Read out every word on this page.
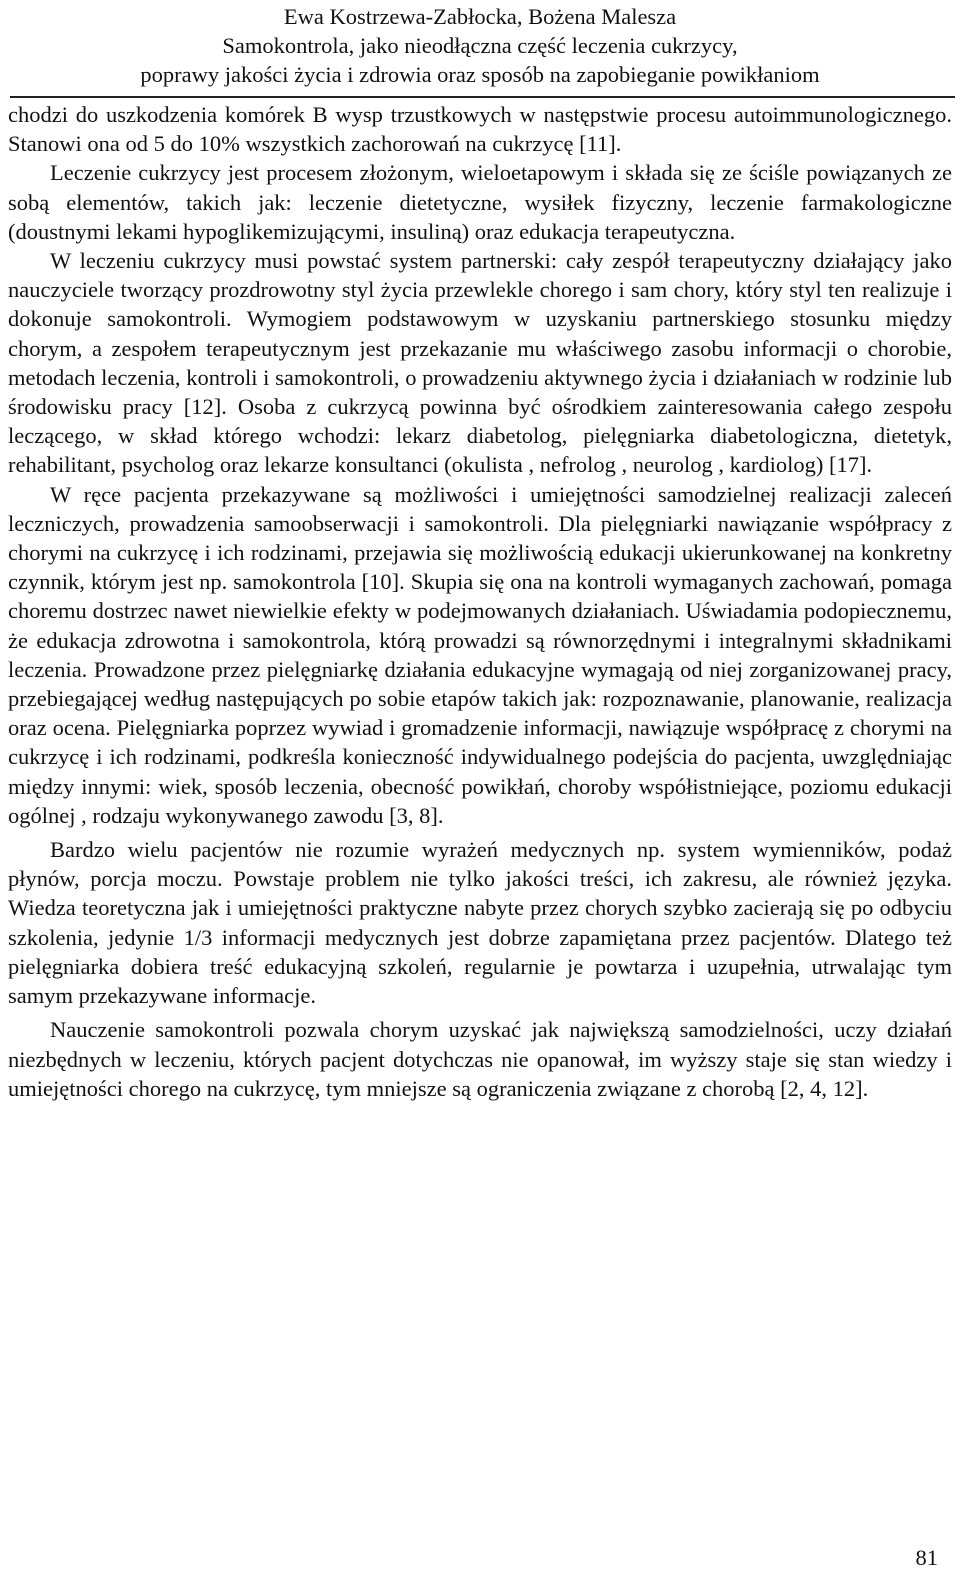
Ewa Kostrzewa-Zabłocka, Bożena Malesza
Samokontrola, jako nieodłączna część leczenia cukrzycy,
poprawy jakości życia i zdrowia oraz sposób na zapobieganie powikłaniom

chodzi do uszkodzenia komórek B wysp trzustkowych w następstwie procesu autoimmunologicznego. Stanowi ona od 5 do 10% wszystkich zachorowań na cukrzycę [11].

Leczenie cukrzycy jest procesem złożonym, wieloetapowym i składa się ze ściśle powiązanych ze sobą elementów, takich jak: leczenie dietetyczne, wysiłek fizyczny, leczenie farmakologiczne (doustnymi lekami hypoglikemizującymi, insuliną) oraz edukacja terapeutyczna.

W leczeniu cukrzycy musi powstać system partnerski: cały zespół terapeutyczny działający jako nauczyciele tworzący prozdrowotny styl życia przewlekle chorego i sam chory, który styl ten realizuje i dokonuje samokontroli. Wymogiem podstawowym w uzyskaniu partnerskiego stosunku między chorym, a zespołem terapeutycznym jest przekazanie mu właściwego zasobu informacji o chorobie, metodach leczenia, kontroli i samokontroli, o prowadzeniu aktywnego życia i działaniach w rodzinie lub środowisku pracy [12]. Osoba z cukrzycą powinna być ośrodkiem zainteresowania całego zespołu leczącego, w skład którego wchodzi: lekarz diabetolog, pielęgniarka diabetologiczna, dietetyk, rehabilitant, psycholog oraz lekarze konsultanci (okulista , nefrolog , neurolog , kardiolog) [17].

W ręce pacjenta przekazywane są możliwości i umiejętności samodzielnej realizacji zaleceń leczniczych, prowadzenia samoobserwacji i samokontroli. Dla pielęgniarki nawiązanie współpracy z chorymi na cukrzycę i ich rodzinami, przejawia się możliwością edukacji ukierunkowanej na konkretny czynnik, którym jest np. samokontrola [10]. Skupia się ona na kontroli wymaganych zachowań, pomaga choremu dostrzec nawet niewielkie efekty w podejmowanych działaniach. Uświadamia podopiecznemu, że edukacja zdrowotna i samokontrola, którą prowadzi są równorzędnymi i integralnymi składnikami leczenia. Prowadzone przez pielęgniarkę działania edukacyjne wymagają od niej zorganizowanej pracy, przebiegającej według następujących po sobie etapów takich jak: rozpoznawanie, planowanie, realizacja oraz ocena. Pielęgniarka poprzez wywiad i gromadzenie informacji, nawiązuje współpracę z chorymi na cukrzycę i ich rodzinami, podkreśla konieczność indywidualnego podejścia do pacjenta, uwzględniając między innymi: wiek, sposób leczenia, obecność powikłań, choroby współistniejące, poziomu edukacji ogólnej , rodzaju wykonywanego zawodu [3, 8].

Bardzo wielu pacjentów nie rozumie wyrażeń medycznych np. system wymienników, podaż płynów, porcja moczu. Powstaje problem nie tylko jakości treści, ich zakresu, ale również języka. Wiedza teoretyczna jak i umiejętności praktyczne nabyte przez chorych szybko zacierają się po odbyciu szkolenia, jedynie 1/3 informacji medycznych jest dobrze zapamiętana przez pacjentów. Dlatego też pielęgniarka dobiera treść edukacyjną szkoleń, regularnie je powtarza i uzupełnia, utrwalając tym samym przekazywane informacje.

Nauczenie samokontroli pozwala chorym uzyskać jak największą samodzielności, uczy działań niezbędnych w leczeniu, których pacjent dotychczas nie opanował, im wyższy staje się stan wiedzy i umiejętności chorego na cukrzycę, tym mniejsze są ograniczenia związane z chorobą [2, 4, 12].

81
